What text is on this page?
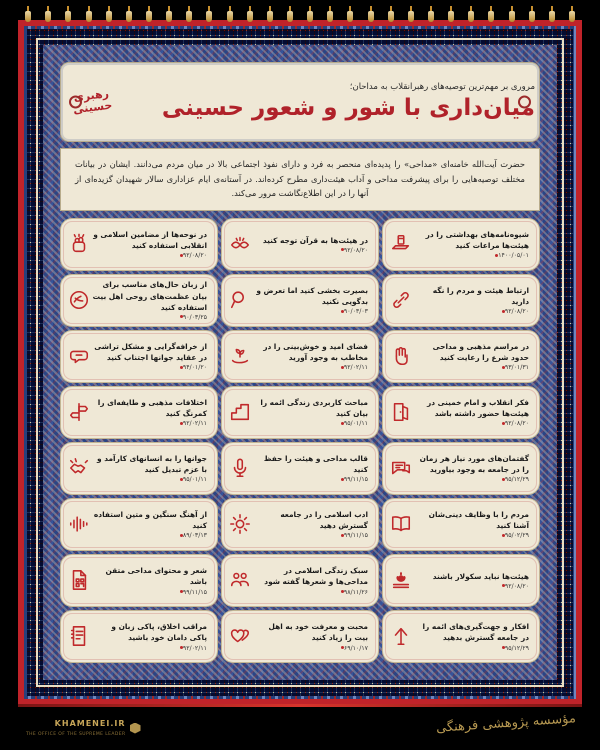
مروری بر مهم‌ترین توصیه‌های رهبرانقلاب به مداحان؛
میان‌داری با شور و شعور حسینی
رهبری حسینی
حضرت آیت‌الله خامنه‌ای «مداحی» را پدیده‌ای منحصر به فرد و دارای نفوذ اجتماعی بالا در میان مردم می‌دانند. ایشان در بیانات مختلف توصیه‌هایی را برای پیشرفت مداحی و آداب هیئت‌داری مطرح کرده‌اند. در آستانه‌ی ایام عزاداری سالار شهیدان گزیده‌ای از آنها را در این اطلاع‌نگاشت مرور می‌کند.
شیوه‌نامه‌های بهداشتی را در هیئت‌ها مراعات کنید
۱۴۰۰/۰۵/۰۱
در هیئت‌ها به قرآن توجه کنید
۹۲/۰۸/۲۰
در نوحه‌ها از مضامین اسلامی و انقلابی استفاده کنید
۹۲/۰۸/۲۰
ارتباط هیئت و مردم را نگه دارید
۹۲/۰۸/۲۰
بصیرت بخشی کنید اما تعرض و بدگویی نکنید
۹۰/۰۳/۰۳
از زبان حال‌های مناسب برای بیان عظمت‌های روحی اهل بیت استفاده کنید
۹۰/۰۳/۲۵
در مراسم مذهبی و مداحی حدود شرع را رعایت کنید
۹۳/۰۱/۳۱
فضای امید و خوش‌بینی را در مخاطب به وجود آورید
۹۲/۰۲/۱۱
از خرافه‌گرایی و مشکل تراشی در عقاید جوانها اجتناب کنید
۹۴/۰۱/۲۰
فکر انقلاب و امام خمینی در هیئت‌ها حضور داشته باشد
۹۲/۰۸/۲۰
مباحث کاربردی زندگی ائمه را بیان کنید
۹۵/۰۱/۱۱
اختلافات مذهبی و طایفه‌ای را کمرنگ کنید
۹۲/۰۲/۱۱
گفتمان‌های مورد نیاز هر زمان را در جامعه به وجود بیاورید
۹۵/۱۲/۲۹
قالب مداحی و هیئت را حفظ کنید
۹۹/۱۱/۱۵
جوانها را به انسانهای کارآمد و با عزم تبدیل کنید
۹۵/۰۱/۱۱
مردم را با وظایف دینی‌شان آشنا کنید
۹۵/۰۲/۲۹
ادب اسلامی را در جامعه گسترش دهید
۹۹/۱۱/۱۵
از آهنگ سنگین و متین استفاده کنید
۸۹/۰۳/۱۳
هیئت‌ها نباید سکولار باشند
۹۲/۰۸/۲۰
سبک زندگی اسلامی در مداحی‌ها و شعرها گفته شود
۹۸/۱۱/۲۶
شعر و محتوای مداحی متقن باشد
۹۹/۱۱/۱۵
افکار و جهت‌گیری‌های ائمه را در جامعه گسترش بدهید
۹۵/۱۲/۲۹
محبت و معرفت خود به اهل بیت را زیاد کنید
۶۹/۱۰/۱۷
مراقب اخلاق، پاکی زبان و پاکی دامان خود باشید
۹۲/۰۲/۱۱
KHAMENEI.IR
THE OFFICE OF THE SUPREME LEADER	مؤسسه پژوهشی فرهنگی
